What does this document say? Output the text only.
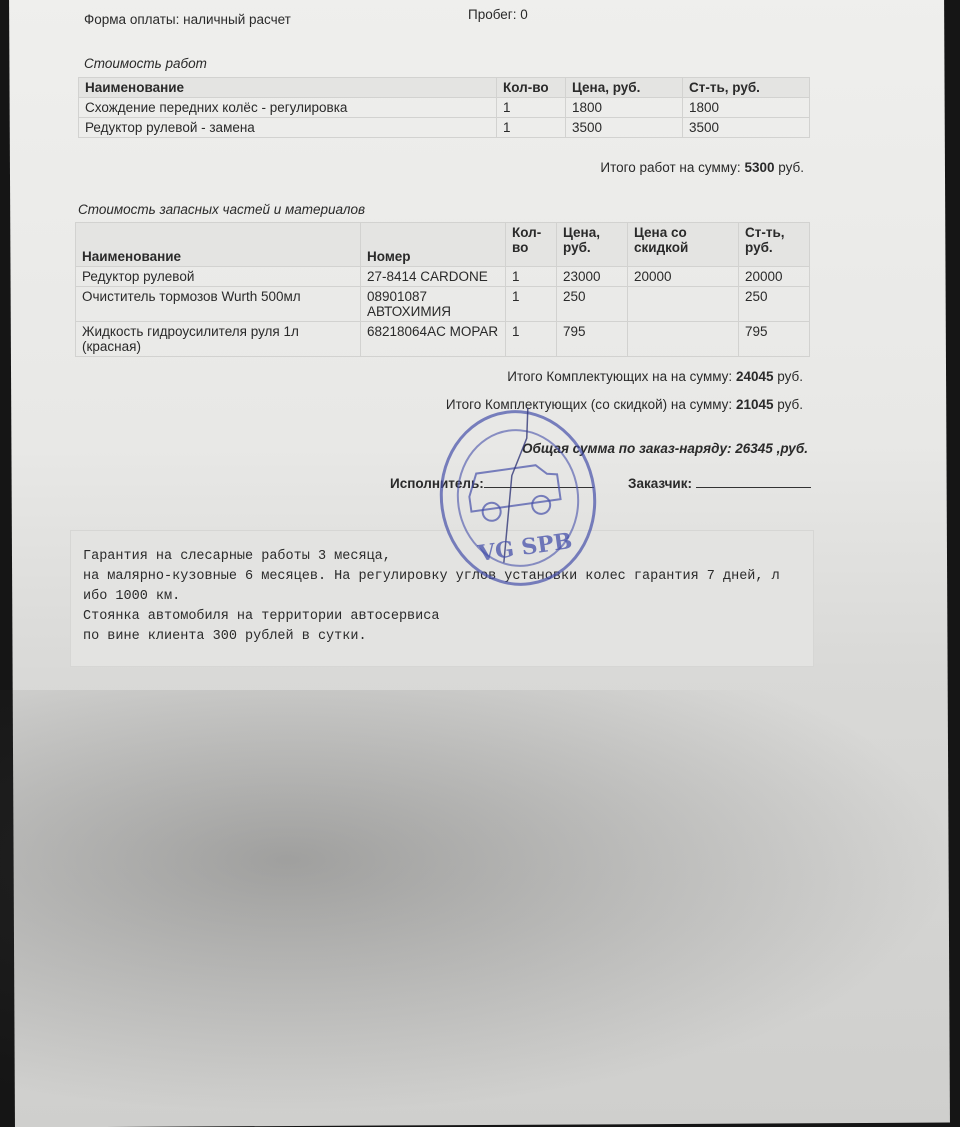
Форма оплаты: наличный расчет	Пробег: 0
Стоимость работ
Наименование	Кол-во	Цена, руб.	Ст-ть, руб.
Схождение передних колёс - регулировка	1	1800	1800
Редуктор рулевой - замена	1	3500	3500
Итого работ на сумму: 5300 руб.
Стоимость запасных частей и материалов
Наименование	Номер	Кол-во	Цена, руб.	Цена со скидкой	Ст-ть, руб.
Редуктор рулевой	27-8414 CARDONE	1	23000	20000	20000
Очиститель тормозов Wurth 500мл	08901087 АВТОХИМИЯ	1	250		250
Жидкость гидроусилителя руля 1л (красная)	68218064AC MOPAR	1	795		795
Итого Комплектующих на на сумму: 24045 руб.
Итого Комплектующих (со скидкой) на сумму: 21045 руб.
Общая сумма по заказ-наряду: 26345 ,руб.
Исполнитель:	Заказчик:
Гарантия на слесарные работы 3 месяца,
на малярно-кузовные 6 месяцев. На регулировку углов установки колес гарантия 7 дней, л
ибо 1000 км.
Стоянка автомобиля на территории автосервиса
по вине клиента 300 рублей в сутки.
VG SPB
